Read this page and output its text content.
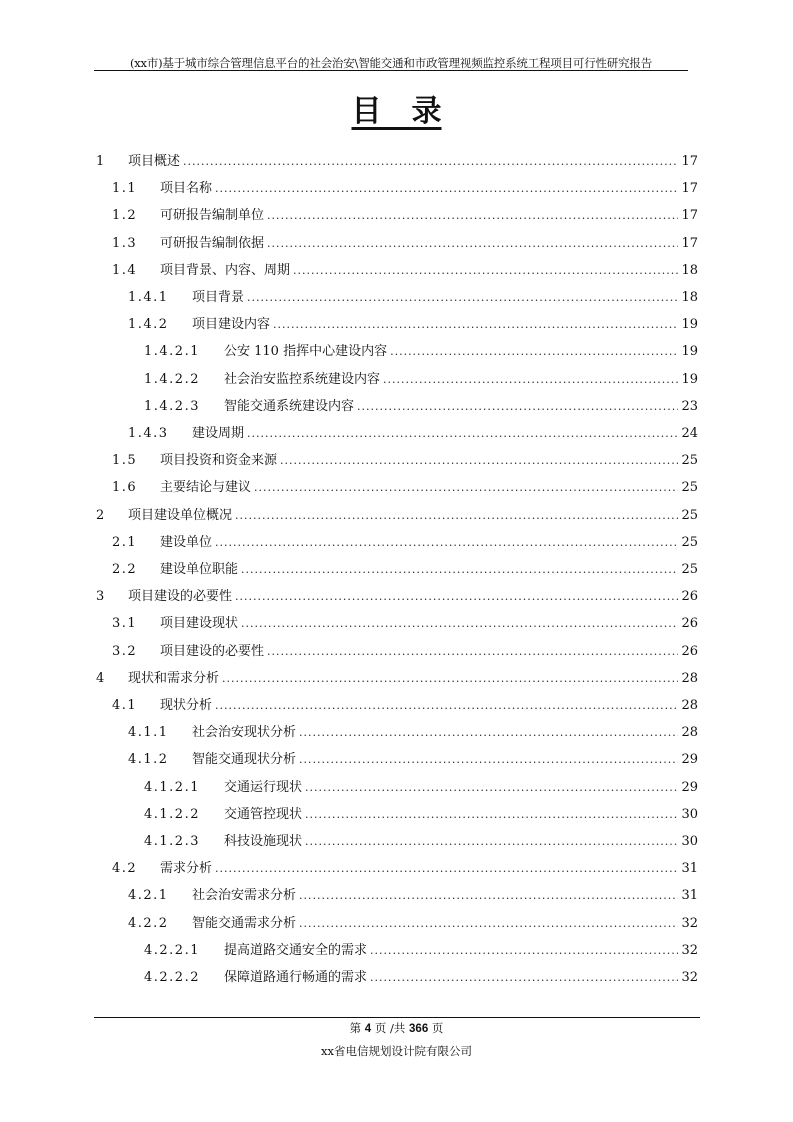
(xx市)基于城市综合管理信息平台的社会治安\智能交通和市政管理视频监控系统工程项目可行性研究报告
目　录
1	项目概述 .....	17
1.1	项目名称 .....	17
1.2	可研报告编制单位 .....	17
1.3	可研报告编制依据 .....	17
1.4	项目背景、内容、周期 .....	18
1.4.1	项目背景 .....	18
1.4.2	项目建设内容 .....	19
1.4.2.1	公安 110 指挥中心建设内容 .....	19
1.4.2.2	社会治安监控系统建设内容 .....	19
1.4.2.3	智能交通系统建设内容 .....	23
1.4.3	建设周期 .....	24
1.5	项目投资和资金来源 .....	25
1.6	主要结论与建议 .....	25
2	项目建设单位概况 .....	25
2.1	建设单位 .....	25
2.2	建设单位职能 .....	25
3	项目建设的必要性 .....	26
3.1	项目建设现状 .....	26
3.2	项目建设的必要性 .....	26
4	现状和需求分析 .....	28
4.1	现状分析 .....	28
4.1.1	社会治安现状分析 .....	28
4.1.2	智能交通现状分析 .....	29
4.1.2.1	交通运行现状 .....	29
4.1.2.2	交通管控现状 .....	30
4.1.2.3	科技设施现状 .....	30
4.2	需求分析 .....	31
4.2.1	社会治安需求分析 .....	31
4.2.2	智能交通需求分析 .....	32
4.2.2.1	提高道路交通安全的需求 .....	32
4.2.2.2	保障道路通行畅通的需求 .....	32
第 4 页 /共 366 页
xx省电信规划设计院有限公司
